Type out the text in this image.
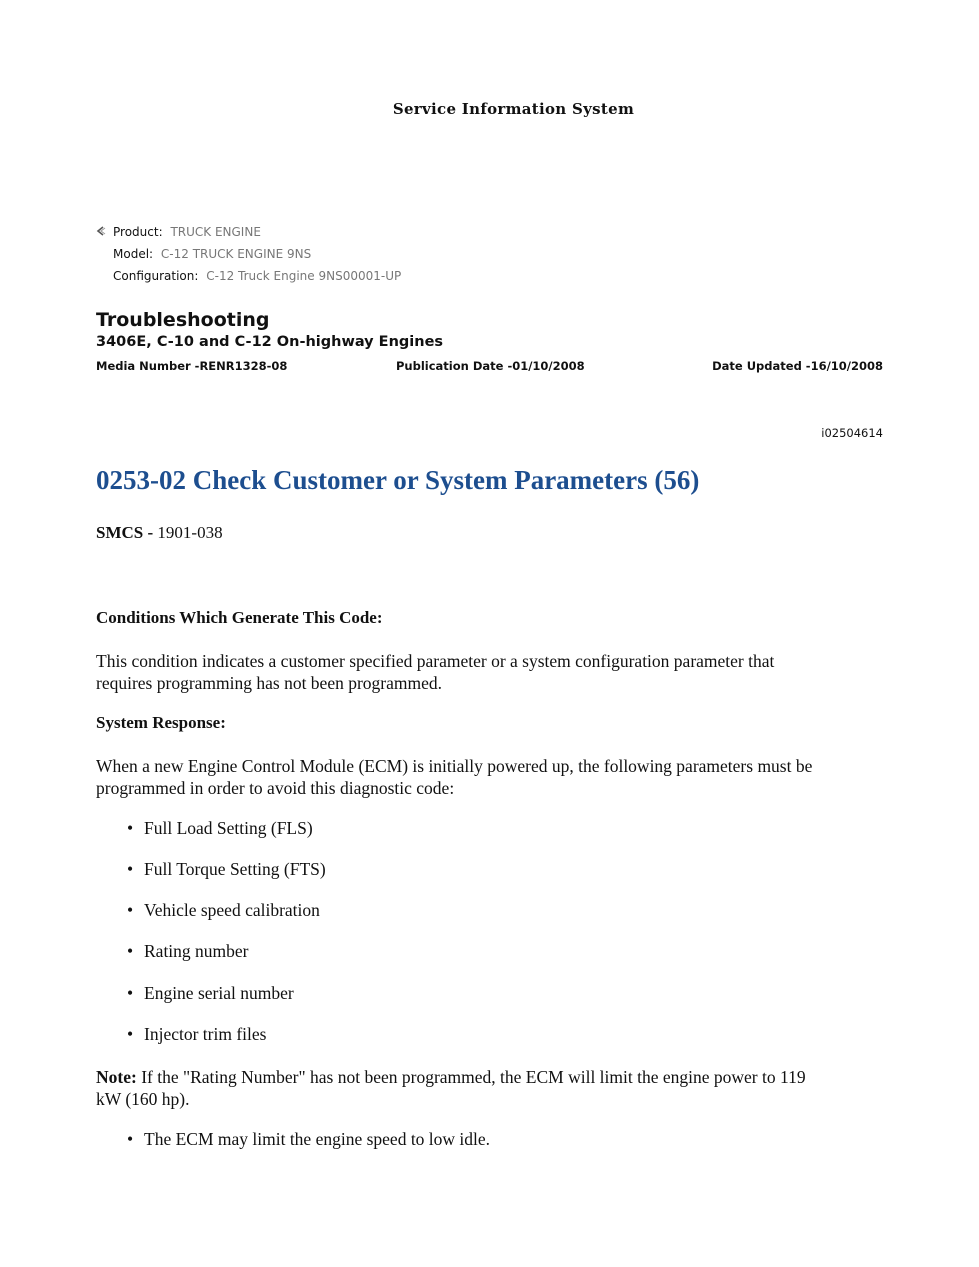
Service Information System
Product: TRUCK ENGINE
Model: C-12 TRUCK ENGINE 9NS
Configuration: C-12 Truck Engine 9NS00001-UP
Troubleshooting
3406E, C-10 and C-12 On-highway Engines
Media Number -RENR1328-08	Publication Date -01/10/2008	Date Updated -16/10/2008
i02504614
0253-02 Check Customer or System Parameters (56)
SMCS - 1901-038
Conditions Which Generate This Code:
This condition indicates a customer specified parameter or a system configuration parameter that
requires programming has not been programmed.
System Response:
When a new Engine Control Module (ECM) is initially powered up, the following parameters must be
programmed in order to avoid this diagnostic code:
• Full Load Setting (FLS)
• Full Torque Setting (FTS)
• Vehicle speed calibration
• Rating number
• Engine serial number
• Injector trim files
Note: If the "Rating Number" has not been programmed, the ECM will limit the engine power to 119
kW (160 hp).
• The ECM may limit the engine speed to low idle.
